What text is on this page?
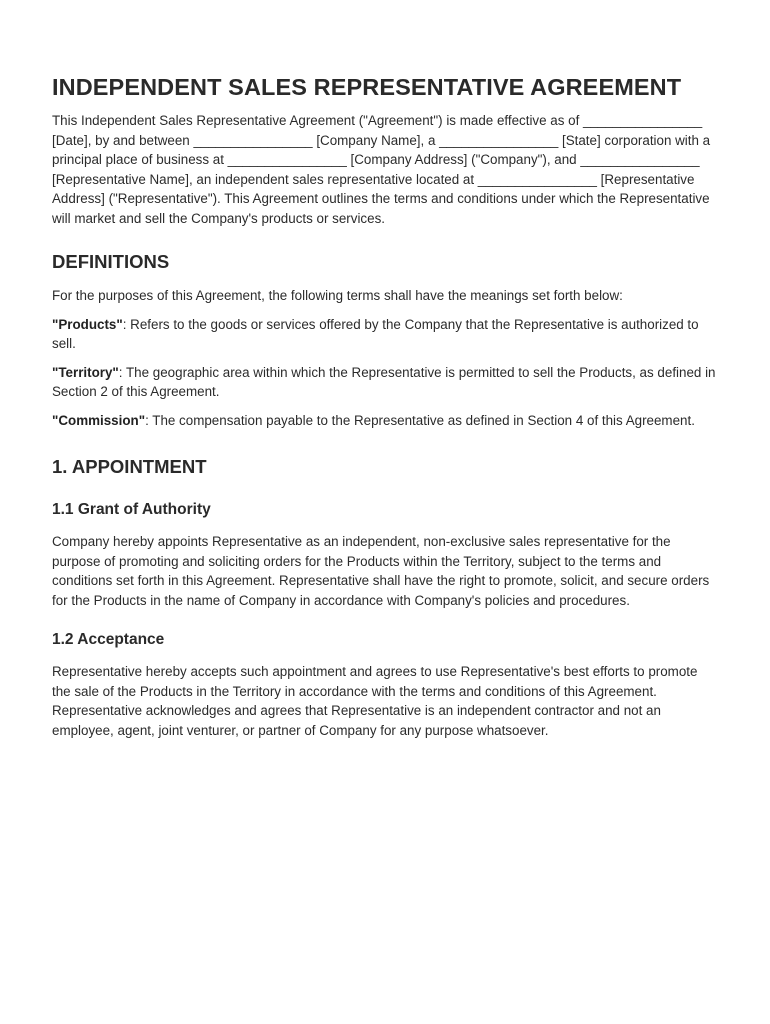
INDEPENDENT SALES REPRESENTATIVE AGREEMENT

This Independent Sales Representative Agreement ("Agreement") is made effective as of ________________ [Date], by and between ________________ [Company Name], a ________________ [State] corporation with a principal place of business at ________________ [Company Address] ("Company"), and ________________ [Representative Name], an independent sales representative located at ________________ [Representative Address] ("Representative"). This Agreement outlines the terms and conditions under which the Representative will market and sell the Company's products or services.

DEFINITIONS

For the purposes of this Agreement, the following terms shall have the meanings set forth below:

"Products": Refers to the goods or services offered by the Company that the Representative is authorized to sell.

"Territory": The geographic area within which the Representative is permitted to sell the Products, as defined in Section 2 of this Agreement.

"Commission": The compensation payable to the Representative as defined in Section 4 of this Agreement.

1. APPOINTMENT
1.1 Grant of Authority

Company hereby appoints Representative as an independent, non-exclusive sales representative for the purpose of promoting and soliciting orders for the Products within the Territory, subject to the terms and conditions set forth in this Agreement. Representative shall have the right to promote, solicit, and secure orders for the Products in the name of Company in accordance with Company's policies and procedures.

1.2 Acceptance

Representative hereby accepts such appointment and agrees to use Representative's best efforts to promote the sale of the Products in the Territory in accordance with the terms and conditions of this Agreement. Representative acknowledges and agrees that Representative is an independent contractor and not an employee, agent, joint venturer, or partner of Company for any purpose whatsoever.
